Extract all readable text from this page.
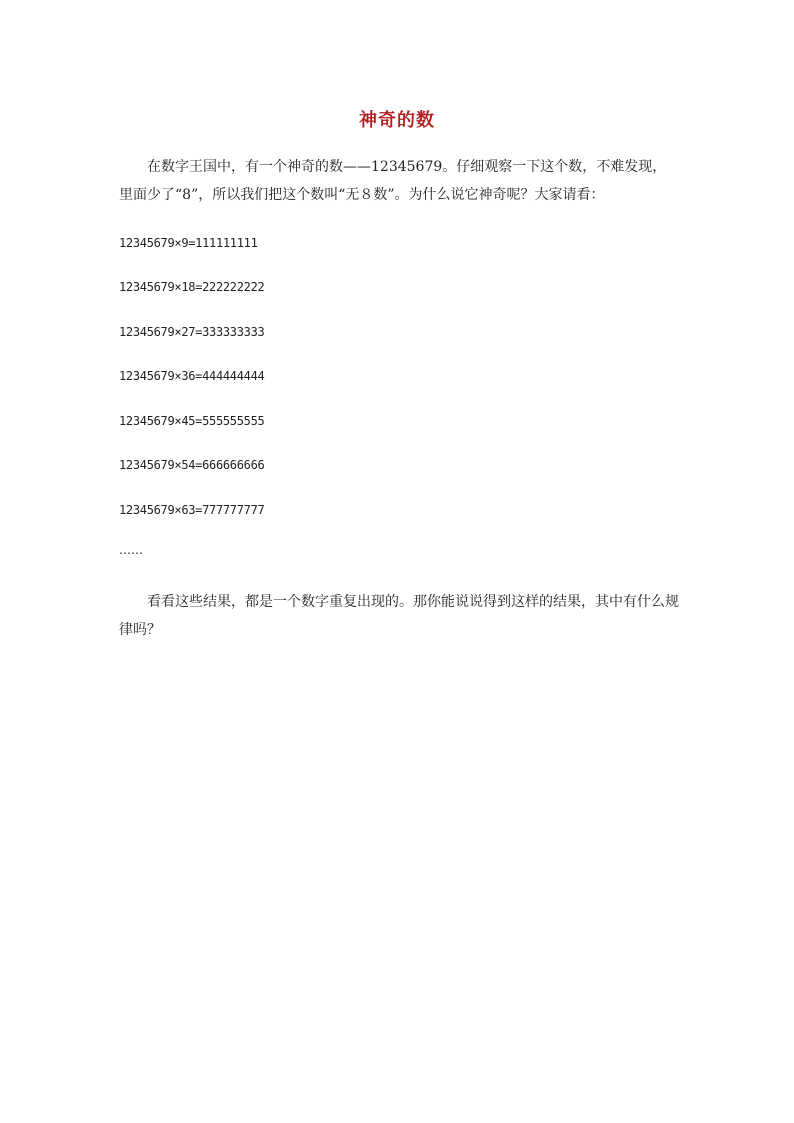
神奇的数
在数字王国中，有一个神奇的数——12345679。仔细观察一下这个数，不难发现，里面少了“8”，所以我们把这个数叫“无８数”。为什么说它神奇呢？大家请看：
12345679×9=111111111
12345679×18=222222222
12345679×27=333333333
12345679×36=444444444
12345679×45=555555555
12345679×54=666666666
12345679×63=777777777
……
看看这些结果，都是一个数字重复出现的。那你能说说得到这样的结果，其中有什么规律吗？
